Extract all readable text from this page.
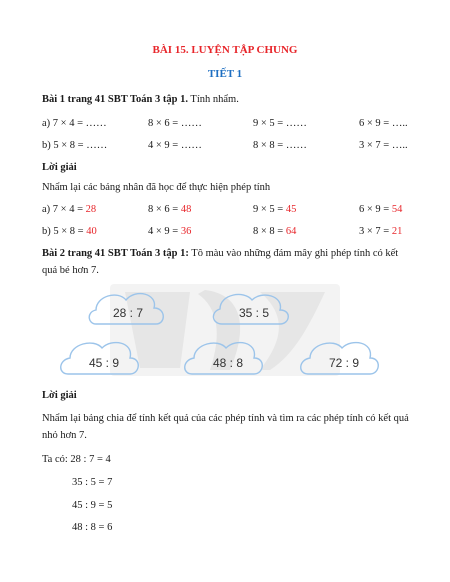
BÀI 15. LUYỆN TẬP CHUNG
TIẾT 1
Bài 1 trang 41 SBT Toán 3 tập 1. Tính nhẩm.
a) 7 × 4 = ……	8 × 6 = ……	9 × 5 = ……	6 × 9 = …..
b) 5 × 8 = ……	4 × 9 = ……	8 × 8 = ……	3 × 7 = …..
Lời giải
Nhẩm lại các bảng nhân đã học để thực hiện phép tính
a) 7 × 4 = 28	8 × 6 = 48	9 × 5 = 45	6 × 9 = 54
b) 5 × 8 = 40	4 × 9 = 36	8 × 8 = 64	3 × 7 = 21
Bài 2 trang 41 SBT Toán 3 tập 1: Tô màu vào những đám mây ghi phép tính có kết quả bé hơn 7.
28 : 7	35 : 5
45 : 9	48 : 8	72 : 9
Lời giải
Nhẩm lại bảng chia để tính kết quả của các phép tính và tìm ra các phép tính có kết quả nhỏ hơn 7.
Ta có: 28 : 7 = 4
35 : 5 = 7
45 : 9 = 5
48 : 8 = 6
